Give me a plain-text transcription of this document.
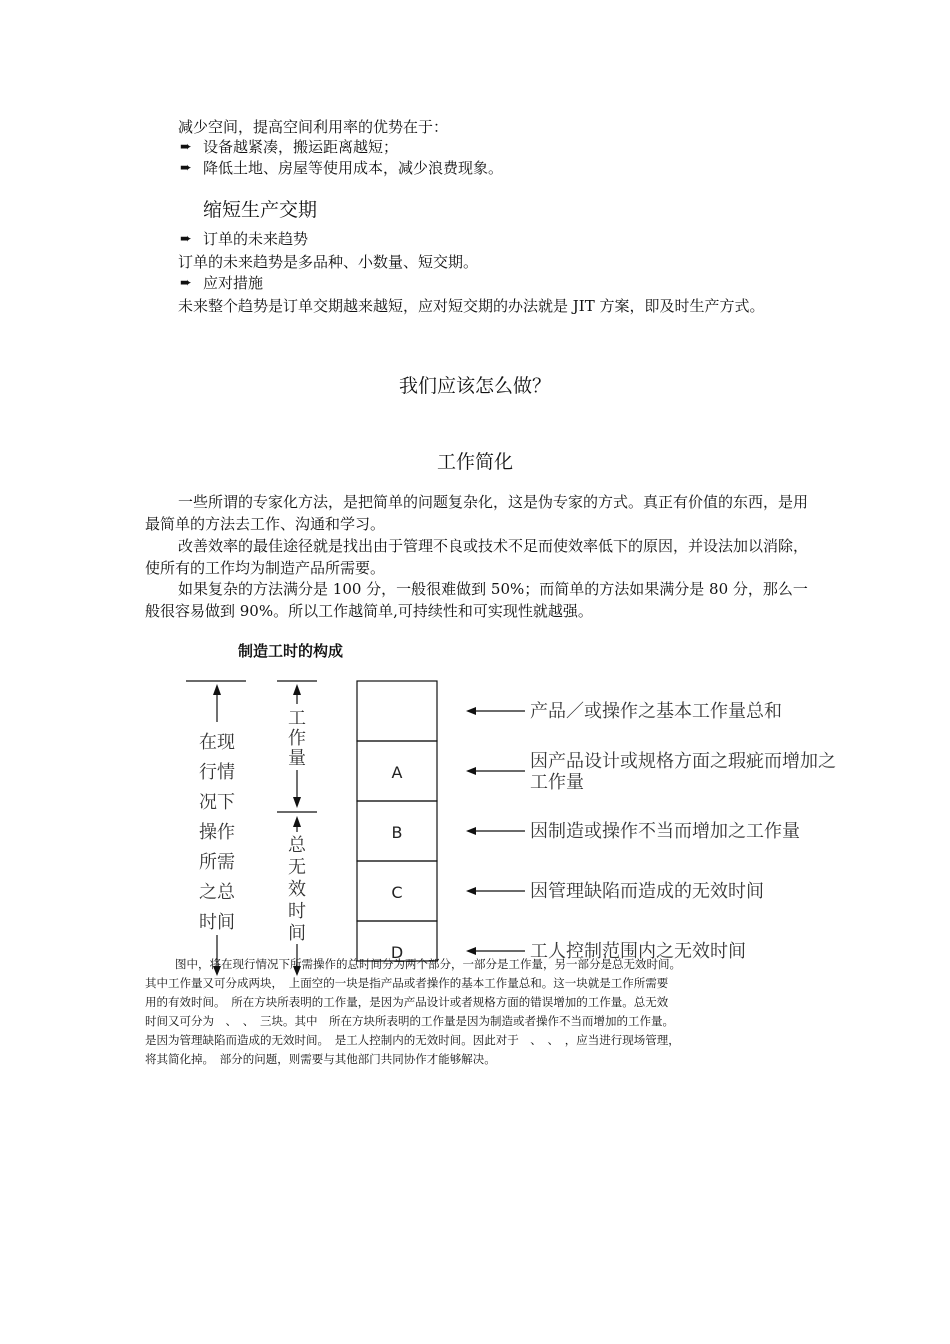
减少空间，提高空间利用率的优势在于：
➨ 设备越紧凑，搬运距离越短；
➨ 降低土地、房屋等使用成本，减少浪费现象。
缩短生产交期
➨ 订单的未来趋势
订单的未来趋势是多品种、小数量、短交期。
➨ 应对措施
未来整个趋势是订单交期越来越短，应对短交期的办法就是 JIT 方案，即及时生产方式。
我们应该怎么做？
工作简化
一些所谓的专家化方法，是把简单的问题复杂化，这是伪专家的方式。真正有价值的东西，是用最简单的方法去工作、沟通和学习。
改善效率的最佳途径就是找出由于管理不良或技术不足而使效率低下的原因，并设法加以消除，使所有的工作均为制造产品所需要。
如果复杂的方法满分是 100 分，一般很难做到 50%；而简单的方法如果满分是 80 分，那么一般很容易做到 90%。所以工作越简单,可持续性和可实现性就越强。
制造工时的构成
在现 行情 况下 操作 所需 之总 时间
工 作 量
总 无 效 时 间
A
B
C
D
产品／或操作之基本工作量总和
因产品设计或规格方面之瑕疵而增加之工作量
因制造或操作不当而增加之工作量
因管理缺陷而造成的无效时间
工人控制范围内之无效时间
图中，将在现行情况下所需操作的总时间分为两个部分，一部分是工作量，另一部分是总无效时间。
其中工作量又可分成两块，　上面空的一块是指产品或者操作的基本工作量总和。这一块就是工作所需要
用的有效时间。　所在方块所表明的工作量，是因为产品设计或者规格方面的错误增加的工作量。总无效
时间又可分为　、　、　三块。其中　所在方块所表明的工作量是因为制造或者操作不当而增加的工作量。
是因为管理缺陷而造成的无效时间。　是工人控制内的无效时间。因此对于　、　、　，应当进行现场管理，
将其简化掉。　部分的问题，则需要与其他部门共同协作才能够解决。
